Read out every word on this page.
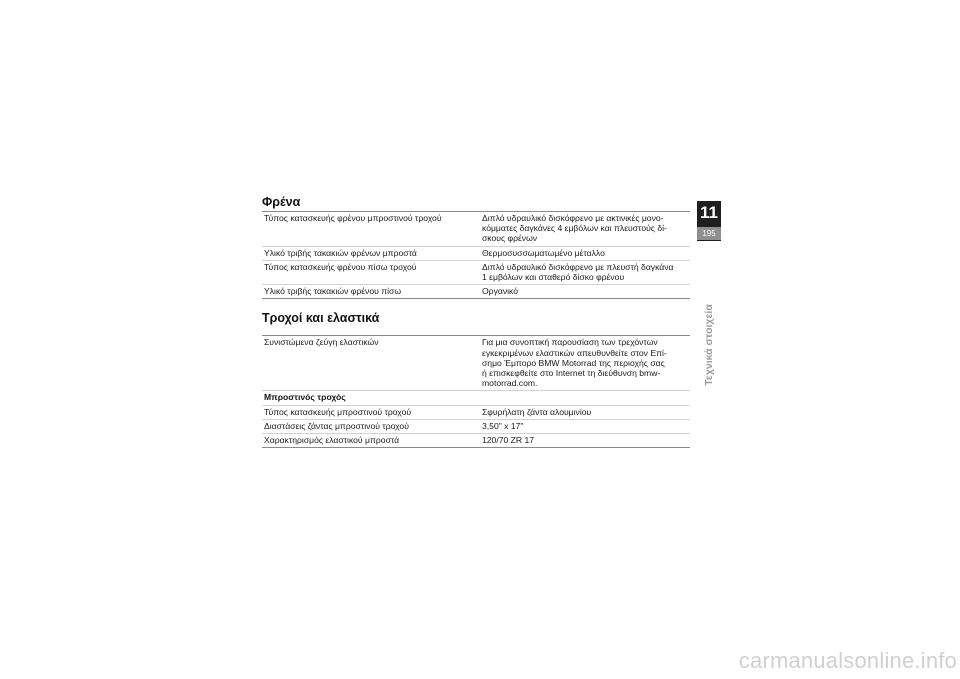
Φρένα
Τύπος κατασκευής φρένου μπροστινού τροχού	Διπλό υδραυλικό δισκόφρενο με ακτινικές μονο-
κόμματες δαγκάνες 4 εμβόλων και πλευστούς δί-
σκους φρένων
Υλικό τριβής τακακιών φρένων μπροστά	Θερμοσυσσωματωμένο μέταλλο
Τύπος κατασκευής φρένου πίσω τροχού	Διπλό υδραυλικό δισκόφρενο με πλευστή δαγκάνα
1 εμβόλων και σταθερό δίσκο φρένου
Υλικό τριβής τακακιών φρένου πίσω	Οργανικό
Τροχοί και ελαστικά
Συνιστώμενα ζεύγη ελαστικών	Για μια συνοπτική παρουσίαση των τρεχόντων
εγκεκριμένων ελαστικών απευθυνθείτε στον Επί-
σημο Έμπορο BMW Motorrad της περιοχής σας
ή επισκεφθείτε στο Internet τη διεύθυνση bmw-
motorrad.com.
Μπροστινός τροχός	
Τύπος κατασκευής μπροστινού τροχού	Σφυρήλατη ζάντα αλουμινίου
Διαστάσεις ζάντας μπροστινού τροχού	3,50" x 17"
Χαρακτηρισμός ελαστικού μπροστά	120/70 ZR 17
11
195
Τεχνικά στοιχεία
carmanualsonline.info
